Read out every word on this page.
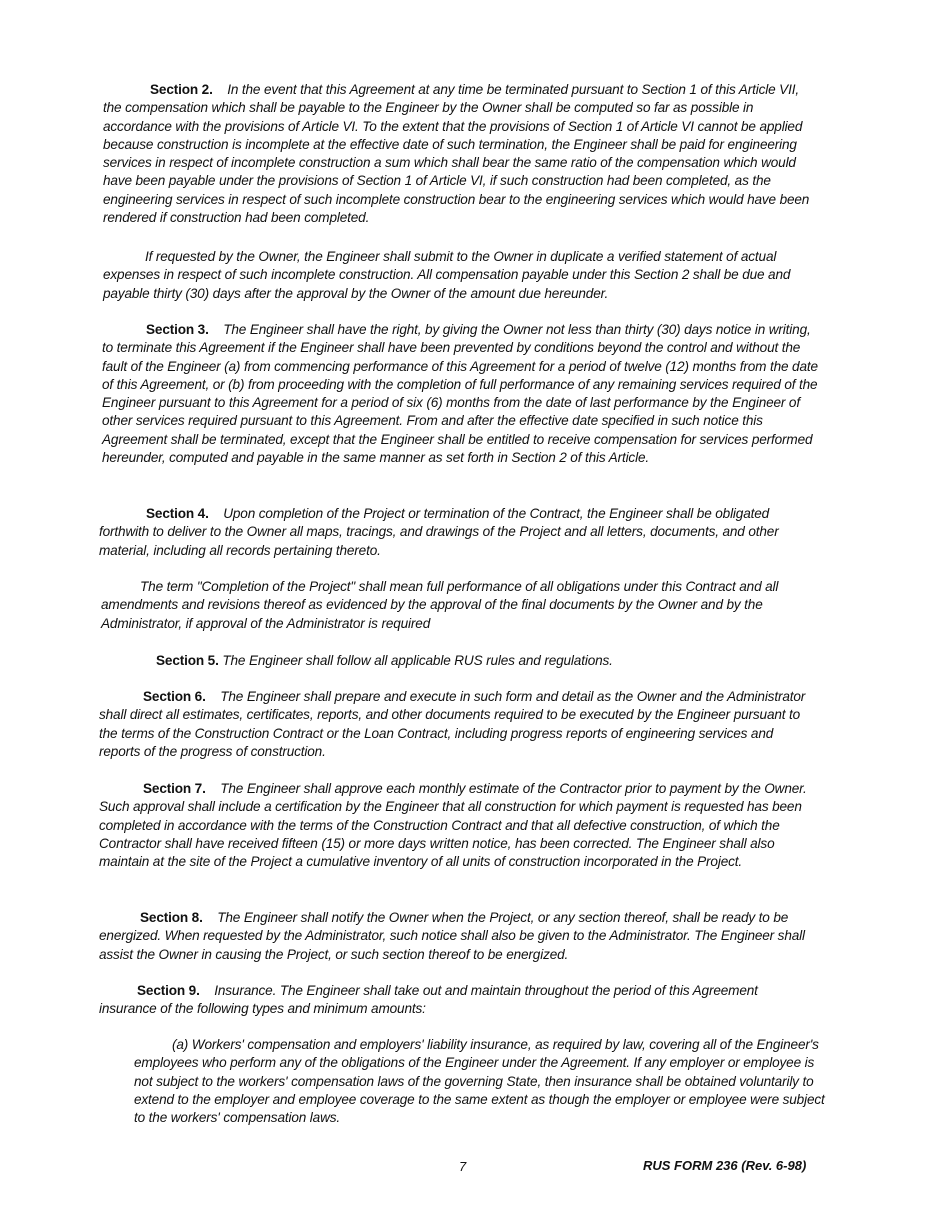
Section 2. In the event that this Agreement at any time be terminated pursuant to Section 1 of this Article VII, the compensation which shall be payable to the Engineer by the Owner shall be computed so far as possible in accordance with the provisions of Article VI. To the extent that the provisions of Section 1 of Article VI cannot be applied because construction is incomplete at the effective date of such termination, the Engineer shall be paid for engineering services in respect of incomplete construction a sum which shall bear the same ratio of the compensation which would have been payable under the provisions of Section 1 of Article VI, if such construction had been completed, as the engineering services in respect of such incomplete construction bear to the engineering services which would have been rendered if construction had been completed.

If requested by the Owner, the Engineer shall submit to the Owner in duplicate a verified statement of actual expenses in respect of such incomplete construction. All compensation payable under this Section 2 shall be due and payable thirty (30) days after the approval by the Owner of the amount due hereunder.

Section 3. The Engineer shall have the right, by giving the Owner not less than thirty (30) days notice in writing, to terminate this Agreement if the Engineer shall have been prevented by conditions beyond the control and without the fault of the Engineer (a) from commencing performance of this Agreement for a period of twelve (12) months from the date of this Agreement, or (b) from proceeding with the completion of full performance of any remaining services required of the Engineer pursuant to this Agreement for a period of six (6) months from the date of last performance by the Engineer of other services required pursuant to this Agreement. From and after the effective date specified in such notice this Agreement shall be terminated, except that the Engineer shall be entitled to receive compensation for services performed hereunder, computed and payable in the same manner as set forth in Section 2 of this Article.

Section 4. Upon completion of the Project or termination of the Contract, the Engineer shall be obligated forthwith to deliver to the Owner all maps, tracings, and drawings of the Project and all letters, documents, and other material, including all records pertaining thereto.

The term "Completion of the Project" shall mean full performance of all obligations under this Contract and all amendments and revisions thereof as evidenced by the approval of the final documents by the Owner and by the Administrator, if approval of the Administrator is required

Section 5. The Engineer shall follow all applicable RUS rules and regulations.

Section 6. The Engineer shall prepare and execute in such form and detail as the Owner and the Administrator shall direct all estimates, certificates, reports, and other documents required to be executed by the Engineer pursuant to the terms of the Construction Contract or the Loan Contract, including progress reports of engineering services and reports of the progress of construction.

Section 7. The Engineer shall approve each monthly estimate of the Contractor prior to payment by the Owner. Such approval shall include a certification by the Engineer that all construction for which payment is requested has been completed in accordance with the terms of the Construction Contract and that all defective construction, of which the Contractor shall have received fifteen (15) or more days written notice, has been corrected. The Engineer shall also maintain at the site of the Project a cumulative inventory of all units of construction incorporated in the Project.

Section 8. The Engineer shall notify the Owner when the Project, or any section thereof, shall be ready to be energized. When requested by the Administrator, such notice shall also be given to the Administrator. The Engineer shall assist the Owner in causing the Project, or such section thereof to be energized.

Section 9. Insurance. The Engineer shall take out and maintain throughout the period of this Agreement insurance of the following types and minimum amounts:

(a) Workers' compensation and employers' liability insurance, as required by law, covering all of the Engineer's employees who perform any of the obligations of the Engineer under the Agreement. If any employer or employee is not subject to the workers' compensation laws of the governing State, then insurance shall be obtained voluntarily to extend to the employer and employee coverage to the same extent as though the employer or employee were subject to the workers' compensation laws.

7	RUS FORM 236 (Rev. 6-98)
